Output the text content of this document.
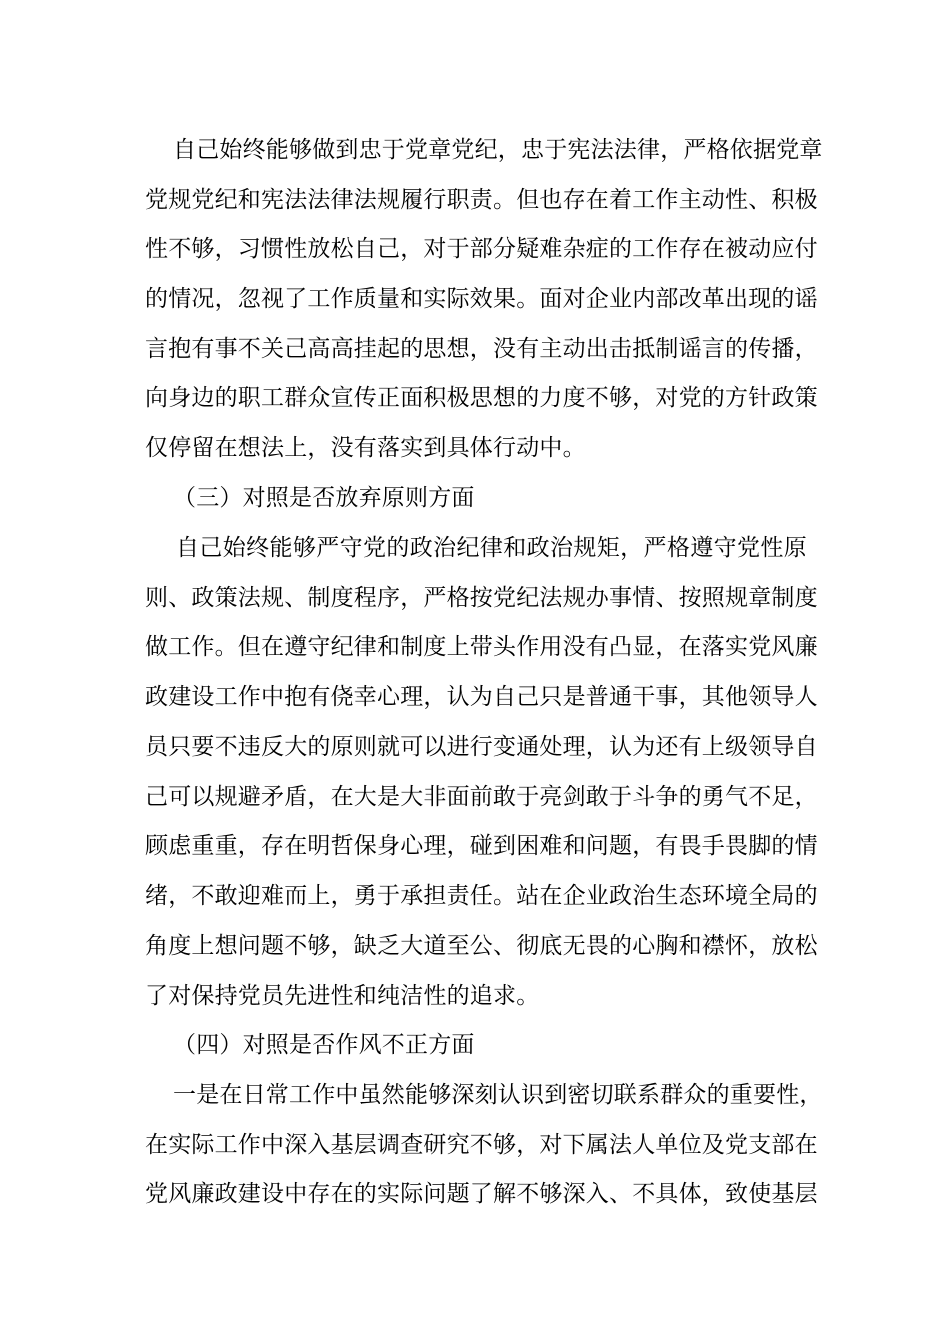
自己始终能够做到忠于党章党纪，忠于宪法法律，严格依据党章
党规党纪和宪法法律法规履行职责。但也存在着工作主动性、积极
性不够，习惯性放松自己，对于部分疑难杂症的工作存在被动应付
的情况，忽视了工作质量和实际效果。面对企业内部改革出现的谣
言抱有事不关己高高挂起的思想，没有主动出击抵制谣言的传播，
向身边的职工群众宣传正面积极思想的力度不够，对党的方针政策
仅停留在想法上，没有落实到具体行动中。
（三）对照是否放弃原则方面
自己始终能够严守党的政治纪律和政治规矩，严格遵守党性原
则、政策法规、制度程序，严格按党纪法规办事情、按照规章制度
做工作。但在遵守纪律和制度上带头作用没有凸显，在落实党风廉
政建设工作中抱有侥幸心理，认为自己只是普通干事，其他领导人
员只要不违反大的原则就可以进行变通处理，认为还有上级领导自
己可以规避矛盾，在大是大非面前敢于亮剑敢于斗争的勇气不足，
顾虑重重，存在明哲保身心理，碰到困难和问题，有畏手畏脚的情
绪，不敢迎难而上，勇于承担责任。站在企业政治生态环境全局的
角度上想问题不够，缺乏大道至公、彻底无畏的心胸和襟怀，放松
了对保持党员先进性和纯洁性的追求。
（四）对照是否作风不正方面
一是在日常工作中虽然能够深刻认识到密切联系群众的重要性，
在实际工作中深入基层调查研究不够，对下属法人单位及党支部在
党风廉政建设中存在的实际问题了解不够深入、不具体，致使基层
